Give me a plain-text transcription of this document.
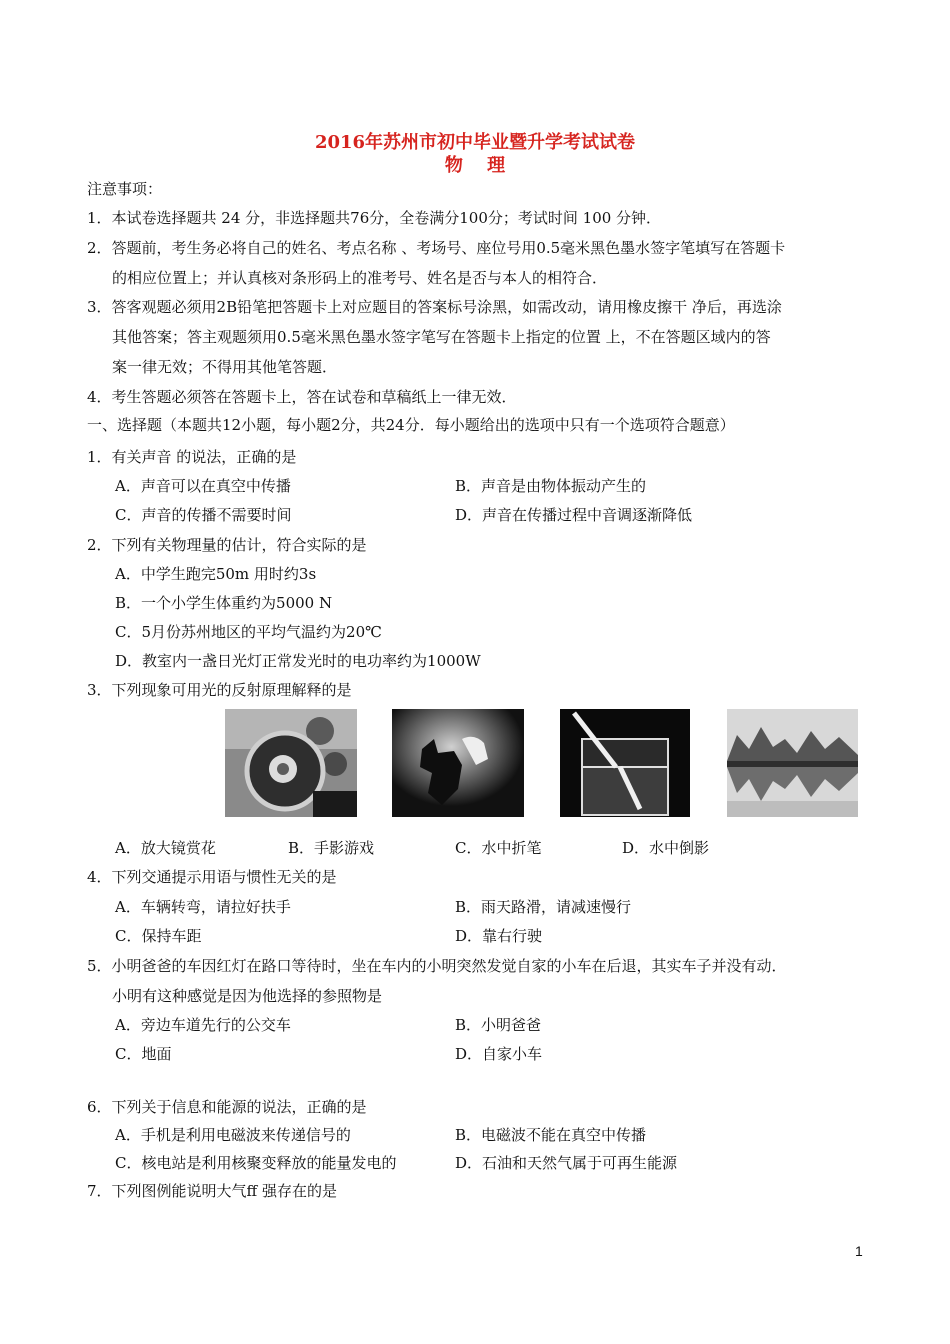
2016年苏州市初中毕业暨升学考试试卷
物　 理
注意事项：
1．本试卷选择题共 24 分，非选择题共76分，全卷满分100分；考试时间 100 分钟．
2．答题前，考生务必将自己的姓名、考点名称 、考场号、座位号用0.5毫米黑色墨水签字笔填写在答题卡
的相应位置上；并认真核对条形码上的准考号、姓名是否与本人的相符合．
3．答客观题必须用2B铅笔把答题卡上对应题目的答案标号涂黑，如需改动，请用橡皮擦干 净后，再选涂
其他答案；答主观题须用0.5毫米黑色墨水签字笔写在答题卡上指定的位置 上，不在答题区域内的答
案一律无效；不得用其他笔答题．
4．考生答题必须答在答题卡上，答在试卷和草稿纸上一律无效．
一、选择题（本题共12小题，每小题2分，共24分．每小题给出的选项中只有一个选项符合题意）
1．有关声音 的说法，正确的是
A．声音可以在真空中传播	B．声音是由物体振动产生的
C．声音的传播不需要时间	D．声音在传播过程中音调逐渐降低
2．下列有关物理量的估计，符合实际的是
A．中学生跑完50m 用时约3s
B．一个小学生体重约为5000 N
C．5月份苏州地区的平均气温约为20℃
D．教室内一盏日光灯正常发光时的电功率约为1000W
3．下列现象可用光的反射原理解释的是
A．放大镜赏花	B．手影游戏	C．水中折笔	D．水中倒影
4．下列交通提示用语与惯性无关的是
A．车辆转弯，请拉好扶手	B．雨天路滑，请减速慢行
C．保持车距	D．靠右行驶
5．小明爸爸的车因红灯在路口等待时，坐在车内的小明突然发觉自家的小车在后退，其实车子并没有动．
小明有这种感觉是因为他选择的参照物是
A．旁边车道先行的公交车	B．小明爸爸
C．地面	D．自家小车
6．下列关于信息和能源的说法，正确的是
A．手机是利用电磁波来传递信号的	B．电磁波不能在真空中传播
C．核电站是利用核聚变释放的能量发电的	D．石油和天然气属于可再生能源
7．下列图例能说明大气ff 强存在的是
1
